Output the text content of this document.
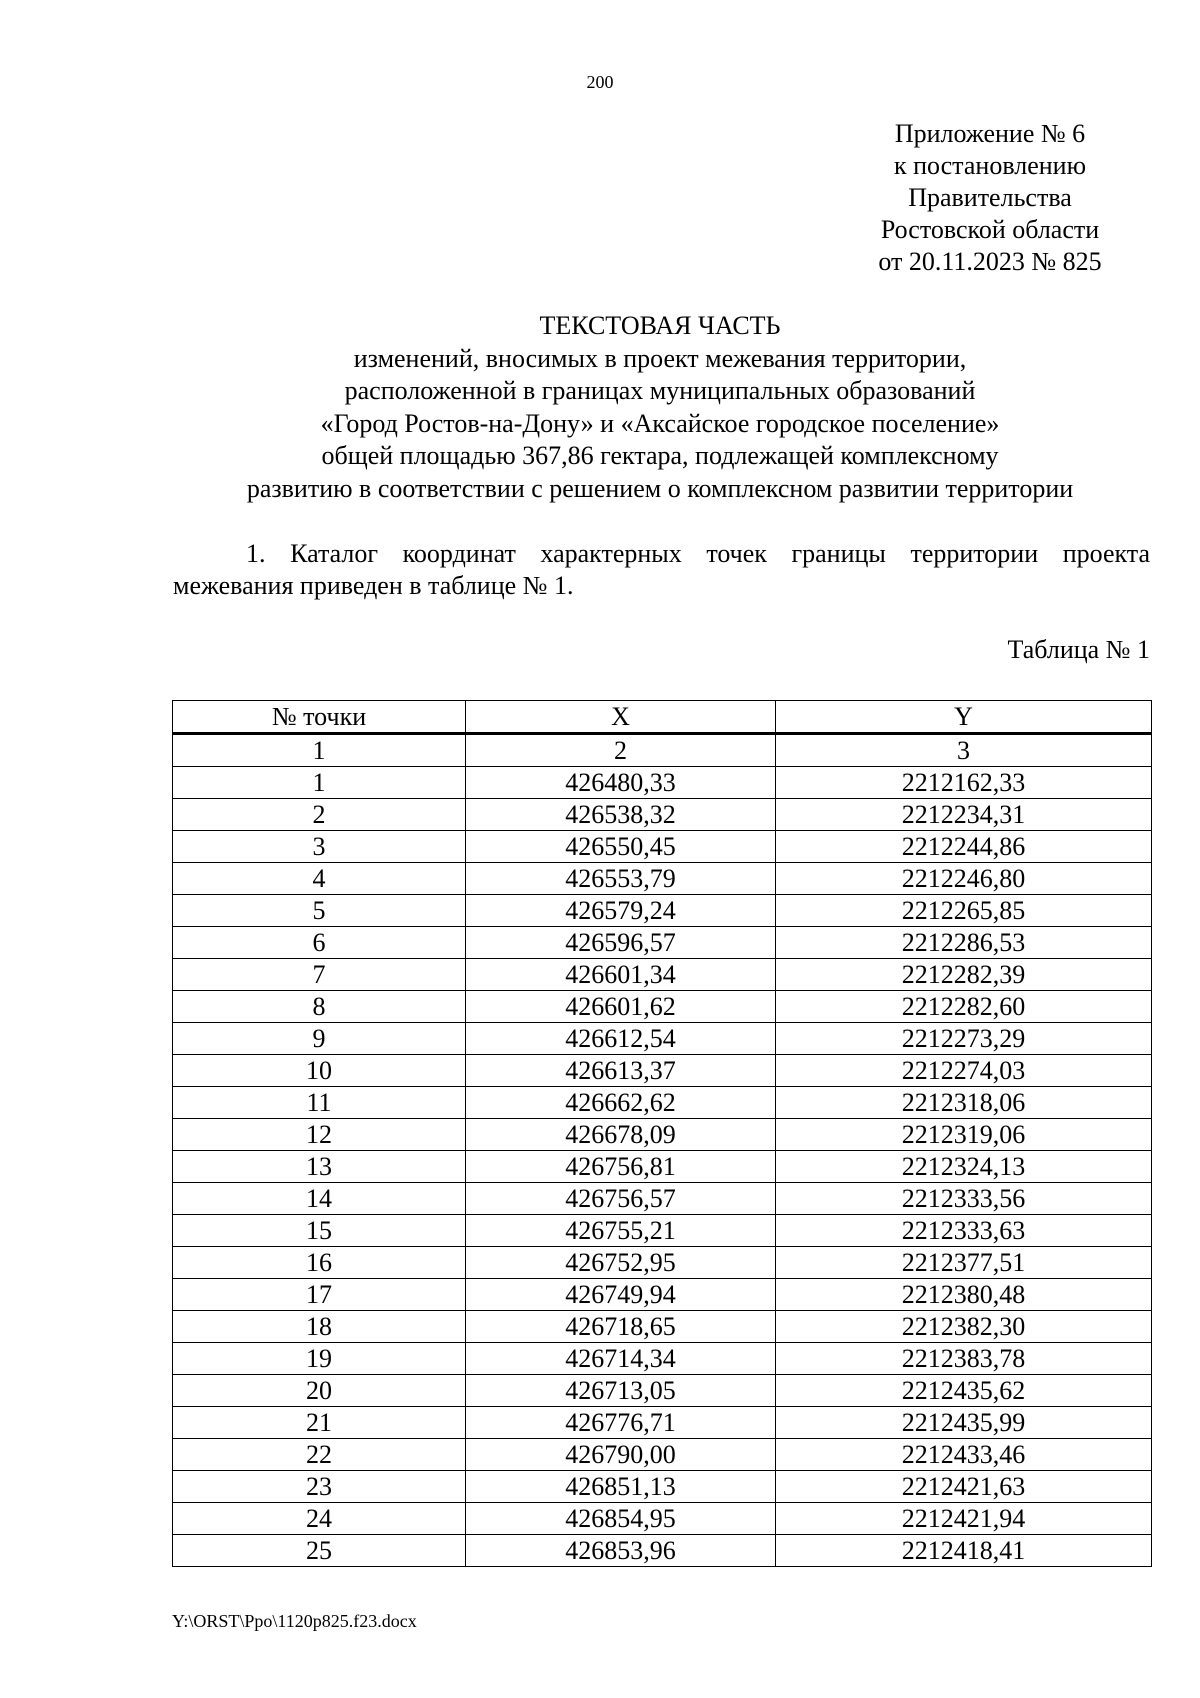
200
Приложение № 6
к постановлению
Правительства
Ростовской области
от 20.11.2023 № 825
ТЕКСТОВАЯ ЧАСТЬ
изменений, вносимых в проект межевания территории,
расположенной в границах муниципальных образований
«Город Ростов-на-Дону» и «Аксайское городское поселение»
общей площадью 367,86 гектара, подлежащей комплексному
развитию в соответствии с решением о комплексном развитии территории
1. Каталог координат характерных точек границы территории проекта межевания приведен в таблице № 1.
Таблица № 1
№ точки	X	Y
1	2	3
1	426480,33	2212162,33
2	426538,32	2212234,31
3	426550,45	2212244,86
4	426553,79	2212246,80
5	426579,24	2212265,85
6	426596,57	2212286,53
7	426601,34	2212282,39
8	426601,62	2212282,60
9	426612,54	2212273,29
10	426613,37	2212274,03
11	426662,62	2212318,06
12	426678,09	2212319,06
13	426756,81	2212324,13
14	426756,57	2212333,56
15	426755,21	2212333,63
16	426752,95	2212377,51
17	426749,94	2212380,48
18	426718,65	2212382,30
19	426714,34	2212383,78
20	426713,05	2212435,62
21	426776,71	2212435,99
22	426790,00	2212433,46
23	426851,13	2212421,63
24	426854,95	2212421,94
25	426853,96	2212418,41
Y:\ORST\Ppo\1120p825.f23.docx
